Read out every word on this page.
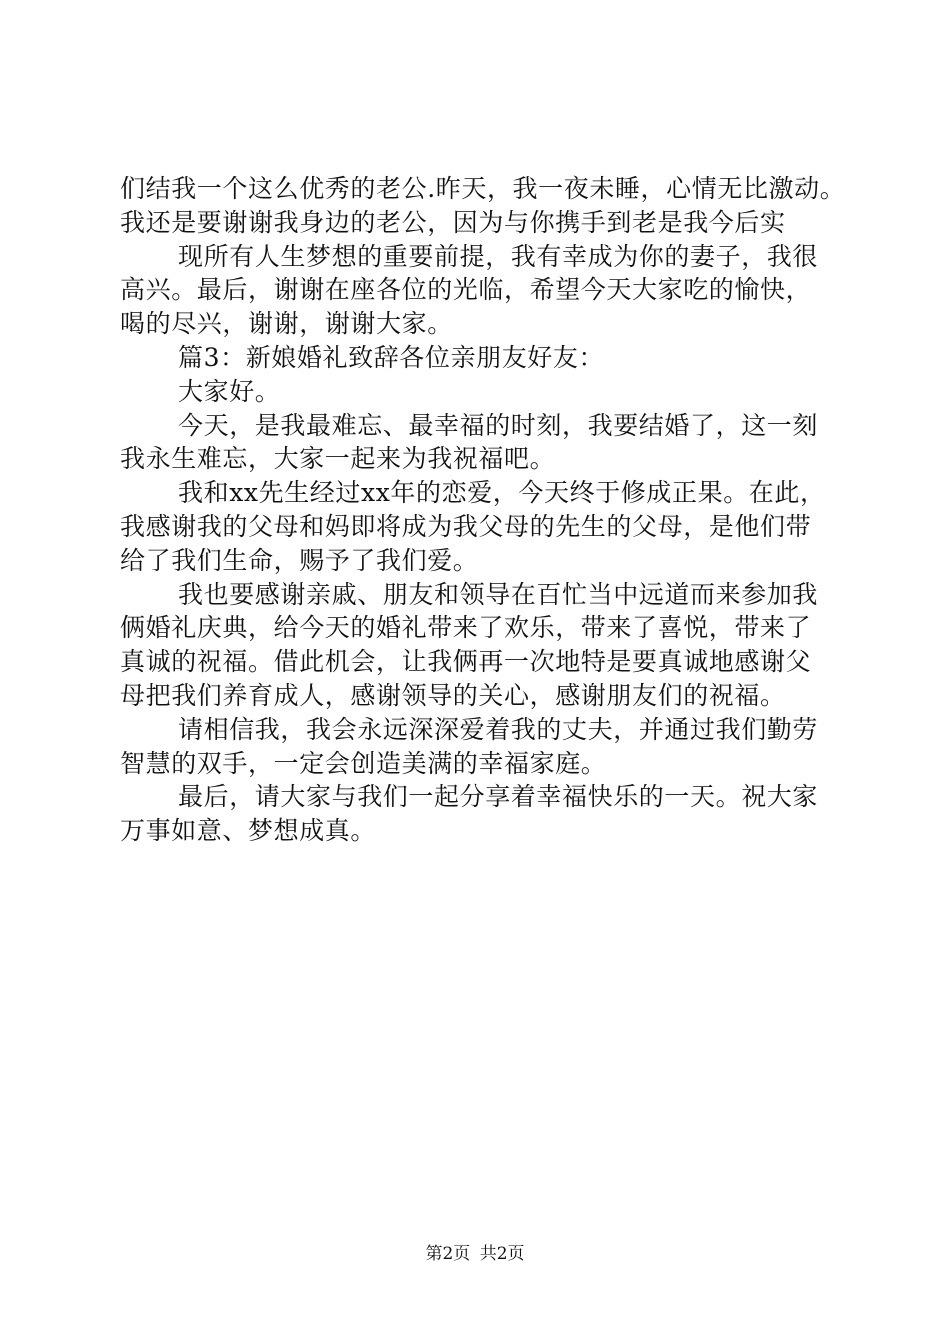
们结我一个这么优秀的老公.昨天，我一夜未睡，心情无比激动。
我还是要谢谢我身边的老公，因为与你携手到老是我今后实
现所有人生梦想的重要前提，我有幸成为你的妻子，我很
高兴。最后，谢谢在座各位的光临，希望今天大家吃的愉快，
喝的尽兴，谢谢，谢谢大家。
篇3：新娘婚礼致辞各位亲朋友好友：
大家好。
今天，是我最难忘、最幸福的时刻，我要结婚了，这一刻
我永生难忘，大家一起来为我祝福吧。
我和xx先生经过xx年的恋爱，今天终于修成正果。在此，
我感谢我的父母和妈即将成为我父母的先生的父母，是他们带
给了我们生命，赐予了我们爱。
我也要感谢亲戚、朋友和领导在百忙当中远道而来参加我
俩婚礼庆典，给今天的婚礼带来了欢乐，带来了喜悦，带来了
真诚的祝福。借此机会，让我俩再一次地特是要真诚地感谢父
母把我们养育成人，感谢领导的关心，感谢朋友们的祝福。
请相信我，我会永远深深爱着我的丈夫，并通过我们勤劳
智慧的双手，一定会创造美满的幸福家庭。
最后，请大家与我们一起分享着幸福快乐的一天。祝大家
万事如意、梦想成真。
第2页 共2页
